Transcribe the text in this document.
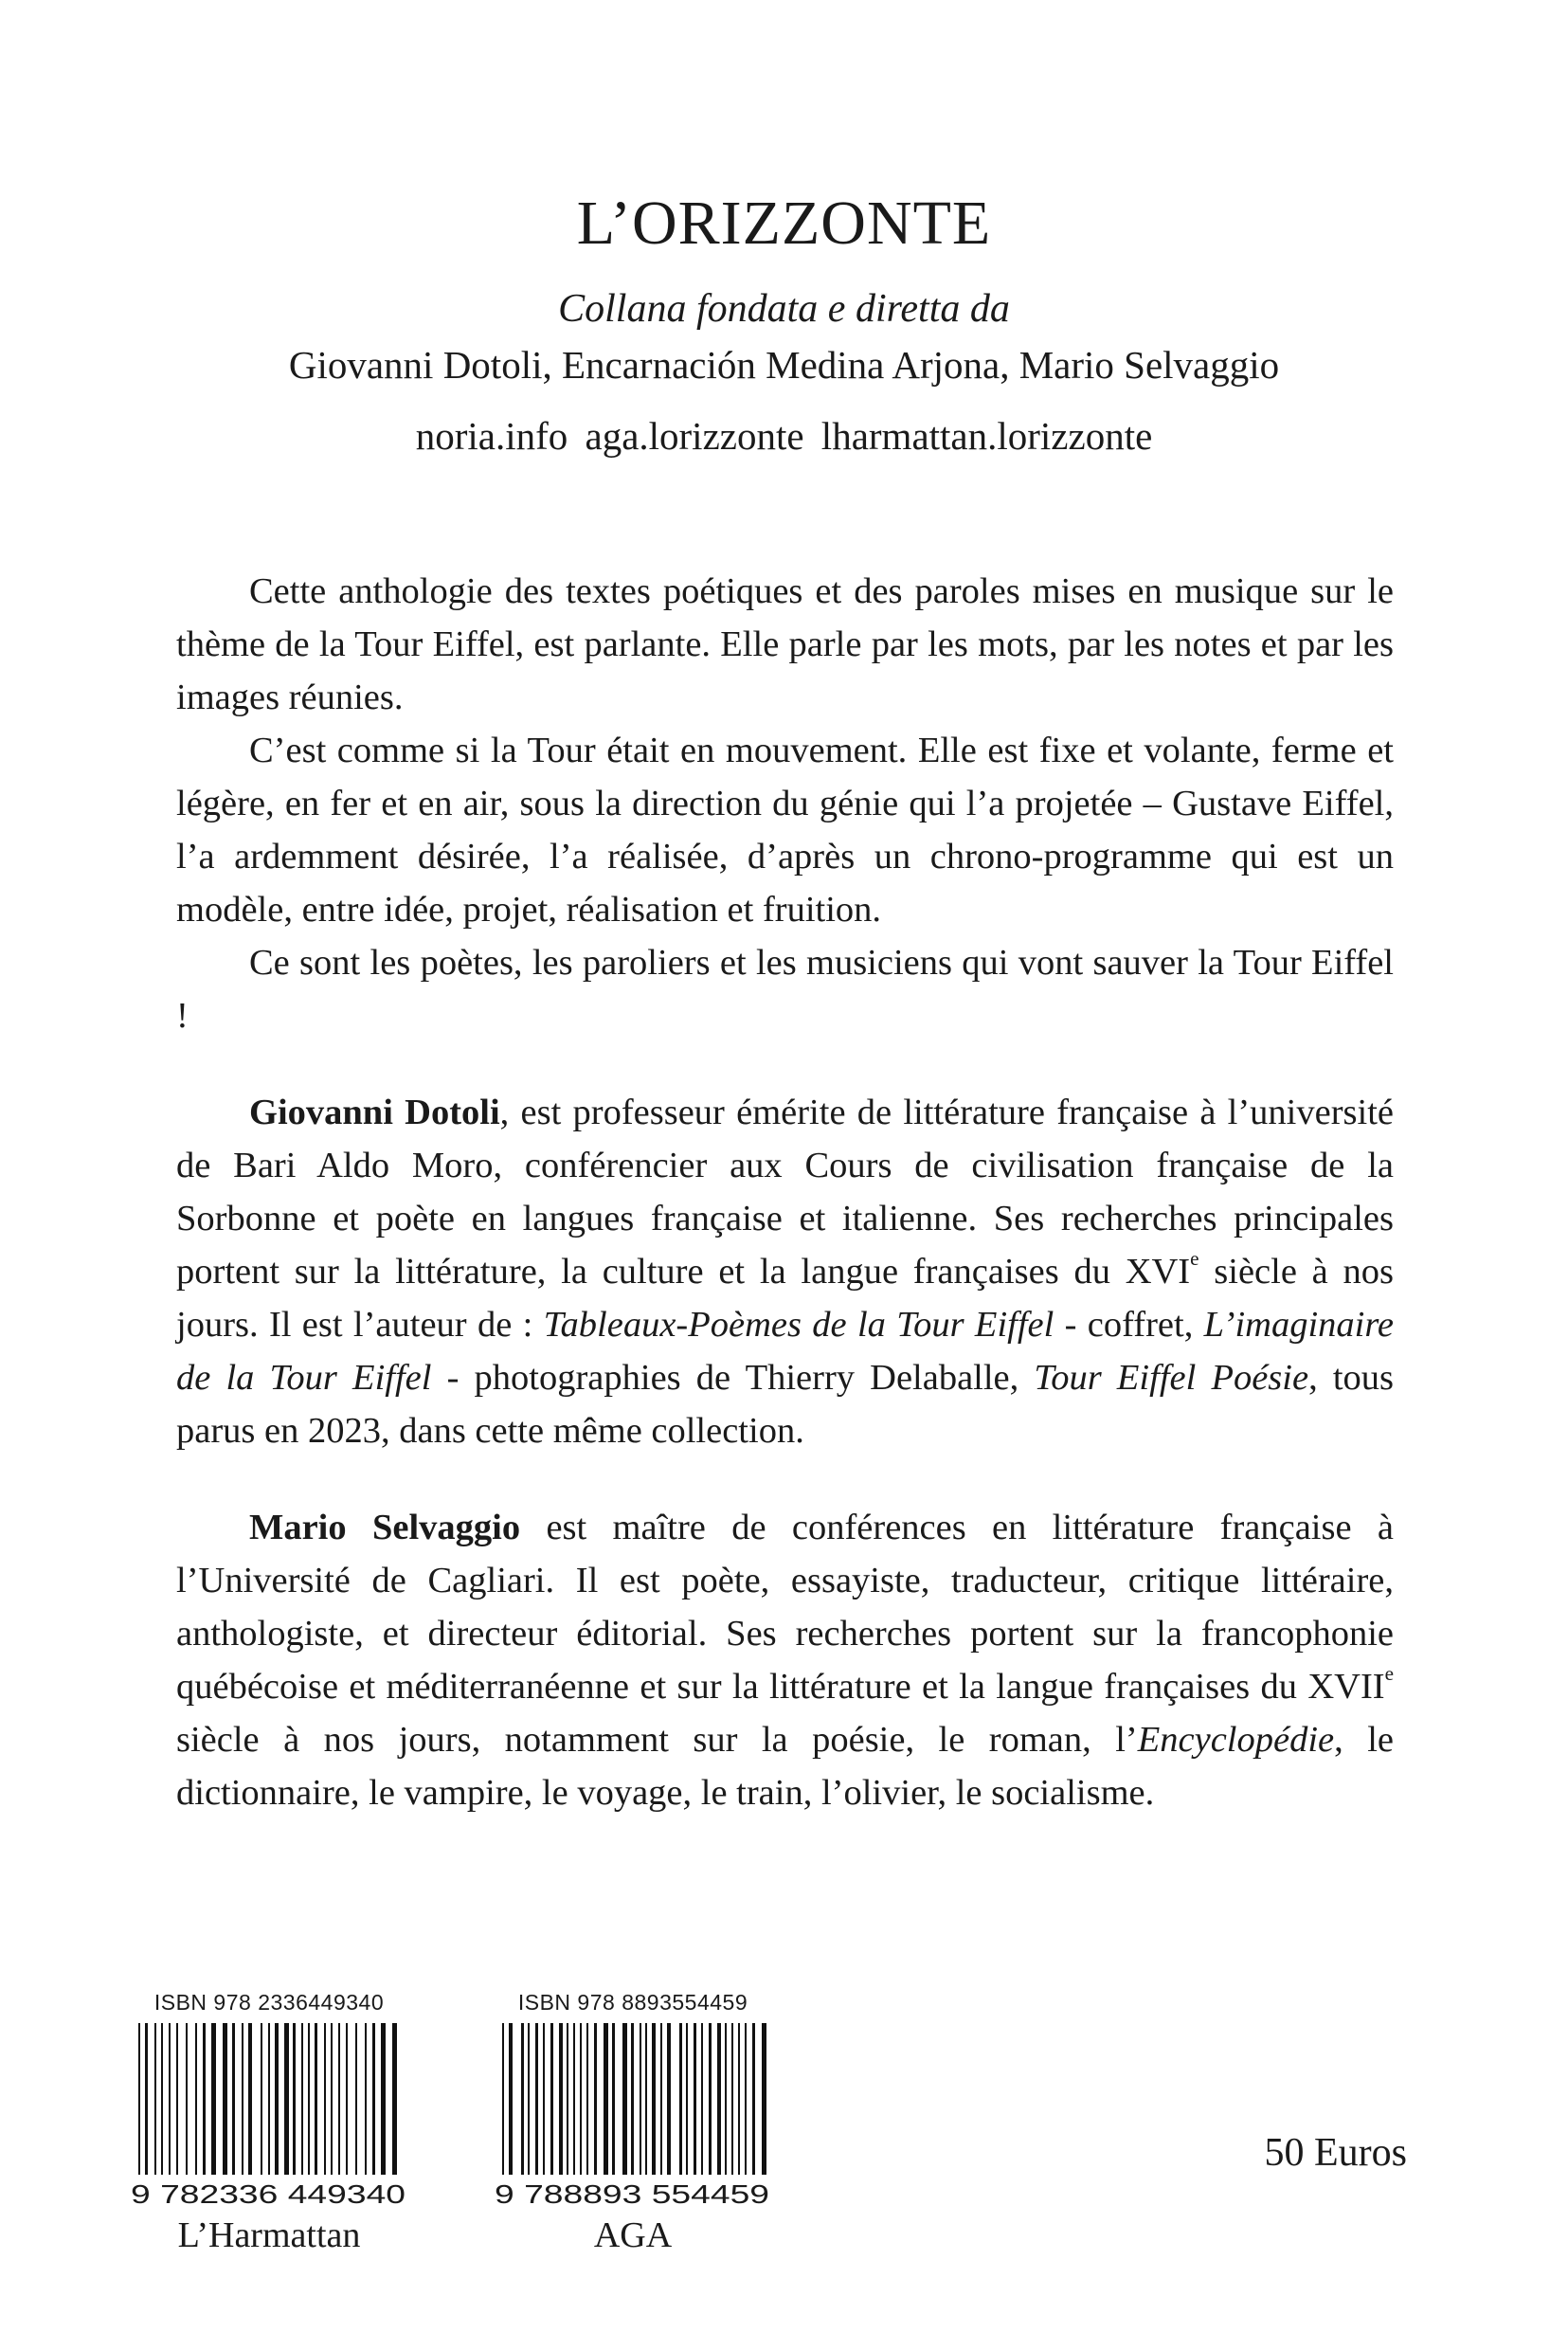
L’ORIZZONTE
Collana fondata e diretta da
Giovanni Dotoli, Encarnación Medina Arjona, Mario Selvaggio
noria.info aga.lorizzonte lharmattan.lorizzonte

Cette anthologie des textes poétiques et des paroles mises en musique sur le thème de la Tour Eiffel, est parlante. Elle parle par les mots, par les notes et par les images réunies.

C’est comme si la Tour était en mouvement. Elle est fixe et volante, ferme et légère, en fer et en air, sous la direction du génie qui l’a projetée – Gustave Eiffel, l’a ardemment désirée, l’a réalisée, d’après un chrono-programme qui est un modèle, entre idée, projet, réalisation et fruition.

Ce sont les poètes, les paroliers et les musiciens qui vont sauver la Tour Eiffel !

Giovanni Dotoli, est professeur émérite de littérature française à l’université de Bari Aldo Moro, conférencier aux Cours de civilisation française de la Sorbonne et poète en langues française et italienne. Ses recherches principales portent sur la littérature, la culture et la langue françaises du XVIe siècle à nos jours. Il est l’auteur de : Tableaux-Poèmes de la Tour Eiffel - coffret, L’imaginaire de la Tour Eiffel - photographies de Thierry Delaballe, Tour Eiffel Poésie, tous parus en 2023, dans cette même collection.

Mario Selvaggio est maître de conférences en littérature française à l’Université de Cagliari. Il est poète, essayiste, traducteur, critique littéraire, anthologiste, et directeur éditorial. Ses recherches portent sur la francophonie québécoise et méditerranéenne et sur la littérature et la langue françaises du XVIIe siècle à nos jours, notamment sur la poésie, le roman, l’Encyclopédie, le dictionnaire, le vampire, le voyage, le train, l’olivier, le socialisme.

ISBN 978 2336449340
9 782336 449340
L’Harmattan
ISBN 978 8893554459
9 788893 554459
AGA
50 Euros
